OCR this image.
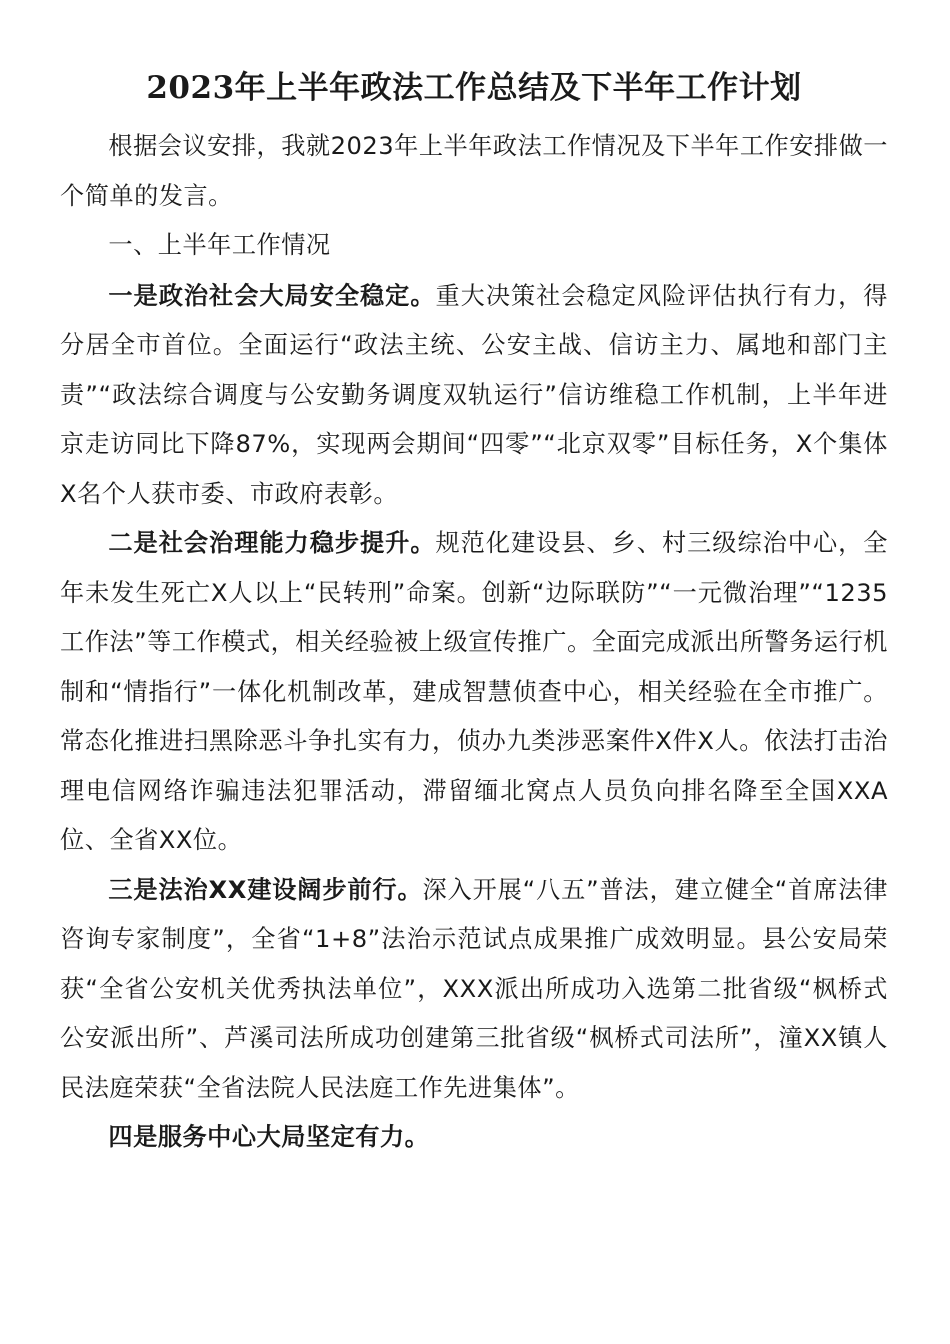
2023年上半年政法工作总结及下半年工作计划

根据会议安排，我就2023年上半年政法工作情况及下半年工作安排做一个简单的发言。

一、上半年工作情况

一是政治社会大局安全稳定。重大决策社会稳定风险评估执行有力，得分居全市首位。全面运行“政法主统、公安主战、信访主力、属地和部门主责”“政法综合调度与公安勤务调度双轨运行”信访维稳工作机制，上半年进京走访同比下降87%，实现两会期间“四零”“北京双零”目标任务，X个集体X名个人获市委、市政府表彰。

二是社会治理能力稳步提升。规范化建设县、乡、村三级综治中心，全年未发生死亡X人以上“民转刑”命案。创新“边际联防”“一元微治理”“1235工作法”等工作模式，相关经验被上级宣传推广。全面完成派出所警务运行机制和“情指行”一体化机制改革，建成智慧侦查中心，相关经验在全市推广。常态化推进扫黑除恶斗争扎实有力，侦办九类涉恶案件X件X人。依法打击治理电信网络诈骗违法犯罪活动，滞留缅北窝点人员负向排名降至全国XXA位、全省XX位。

三是法治XX建设阔步前行。深入开展“八五”普法，建立健全“首席法律咨询专家制度”，全省“1+8”法治示范试点成果推广成效明显。县公安局荣获“全省公安机关优秀执法单位”，XXX派出所成功入选第二批省级“枫桥式公安派出所”、芦溪司法所成功创建第三批省级“枫桥式司法所”，潼XX镇人民法庭荣获“全省法院人民法庭工作先进集体”。

四是服务中心大局坚定有力。
